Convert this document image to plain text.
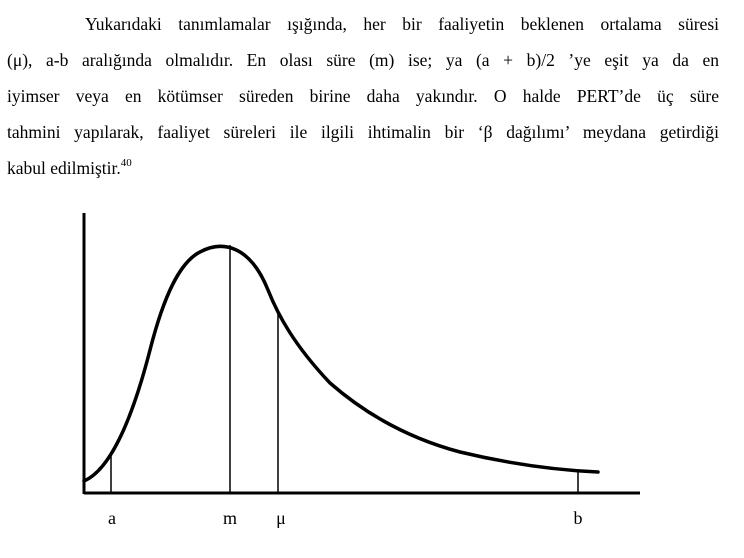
Yukarıdaki tanımlamalar ışığında, her bir faaliyetin beklenen ortalama süresi
(μ), a-b aralığında olmalıdır. En olası süre (m) ise; ya (a + b)/2 ’ye eşit ya da en
iyimser veya en kötümser süreden birine daha yakındır. O halde PERT’de üç süre
tahmini yapılarak, faaliyet süreleri ile ilgili ihtimalin bir ‘β dağılımı’ meydana getirdiği
kabul edilmiştir.$^{40}$
a	m μ	b
